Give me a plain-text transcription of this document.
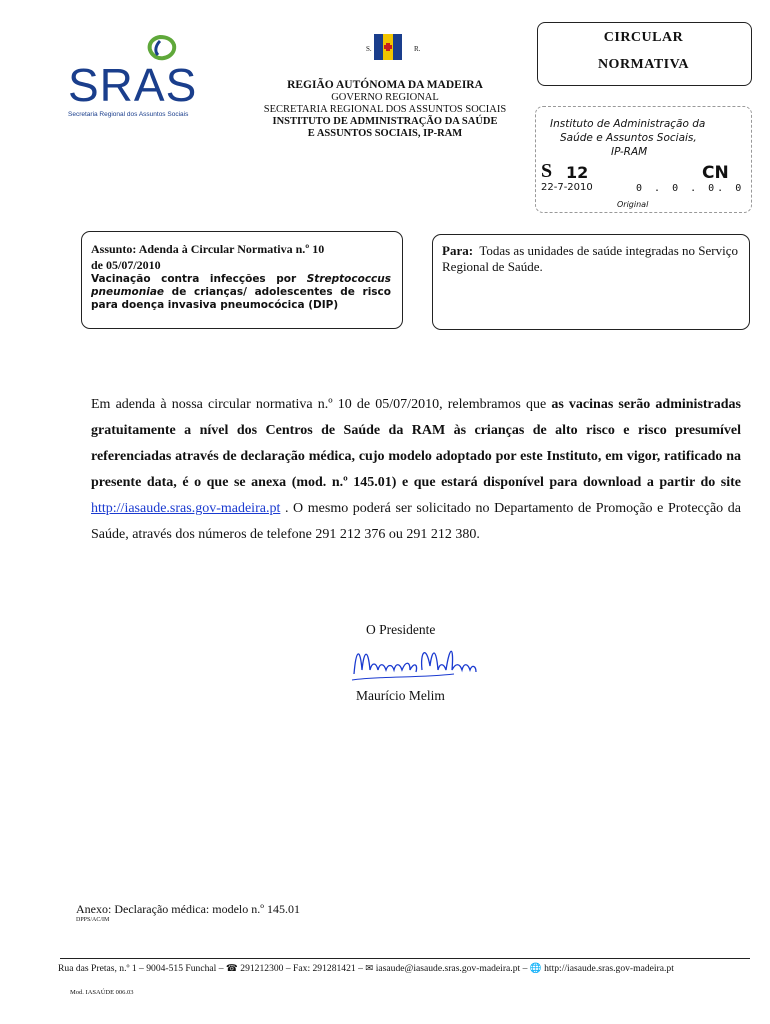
SRAS
Secretaria Regional dos Assuntos Sociais
S.	R.
REGIÃO AUTÓNOMA DA MADEIRA
GOVERNO REGIONAL
SECRETARIA REGIONAL DOS ASSUNTOS SOCIAIS
INSTITUTO DE ADMINISTRAÇÃO DA SAÚDE
E ASSUNTOS SOCIAIS, IP-RAM
CIRCULAR
NORMATIVA
Instituto de Administração da
Saúde e Assuntos Sociais,
IP-RAM
S 12	CN
22-7-2010	0 . 0 . 0. 0
Original
Assunto: Adenda à Circular Normativa n.º 10
de 05/07/2010
Vacinação contra infecções por Streptococcus pneumoniae de crianças/ adolescentes de risco para doença invasiva pneumocócica (DIP)
Para: Todas as unidades de saúde integradas no Serviço Regional de Saúde.
Em adenda à nossa circular normativa n.º 10 de 05/07/2010, relembramos que as vacinas serão administradas gratuitamente a nível dos Centros de Saúde da RAM às crianças de alto risco e risco presumível referenciadas através de declaração médica, cujo modelo adoptado por este Instituto, em vigor, ratificado na presente data, é o que se anexa (mod. n.º 145.01) e que estará disponível para download a partir do site http://iasaude.sras.gov-madeira.pt . O mesmo poderá ser solicitado no Departamento de Promoção e Protecção da Saúde, através dos números de telefone 291 212 376 ou 291 212 380.
O Presidente
Maurício Melim
Anexo: Declaração médica: modelo n.º 145.01
DPPS/AC/IM
Rua das Pretas, n.º 1 – 9004-515 Funchal – ☎ 291212300 – Fax: 291281421 – ✉ iasaude@iasaude.sras.gov-madeira.pt – 🌐 http://iasaude.sras.gov-madeira.pt
Mod. IASAÚDE 006.03
